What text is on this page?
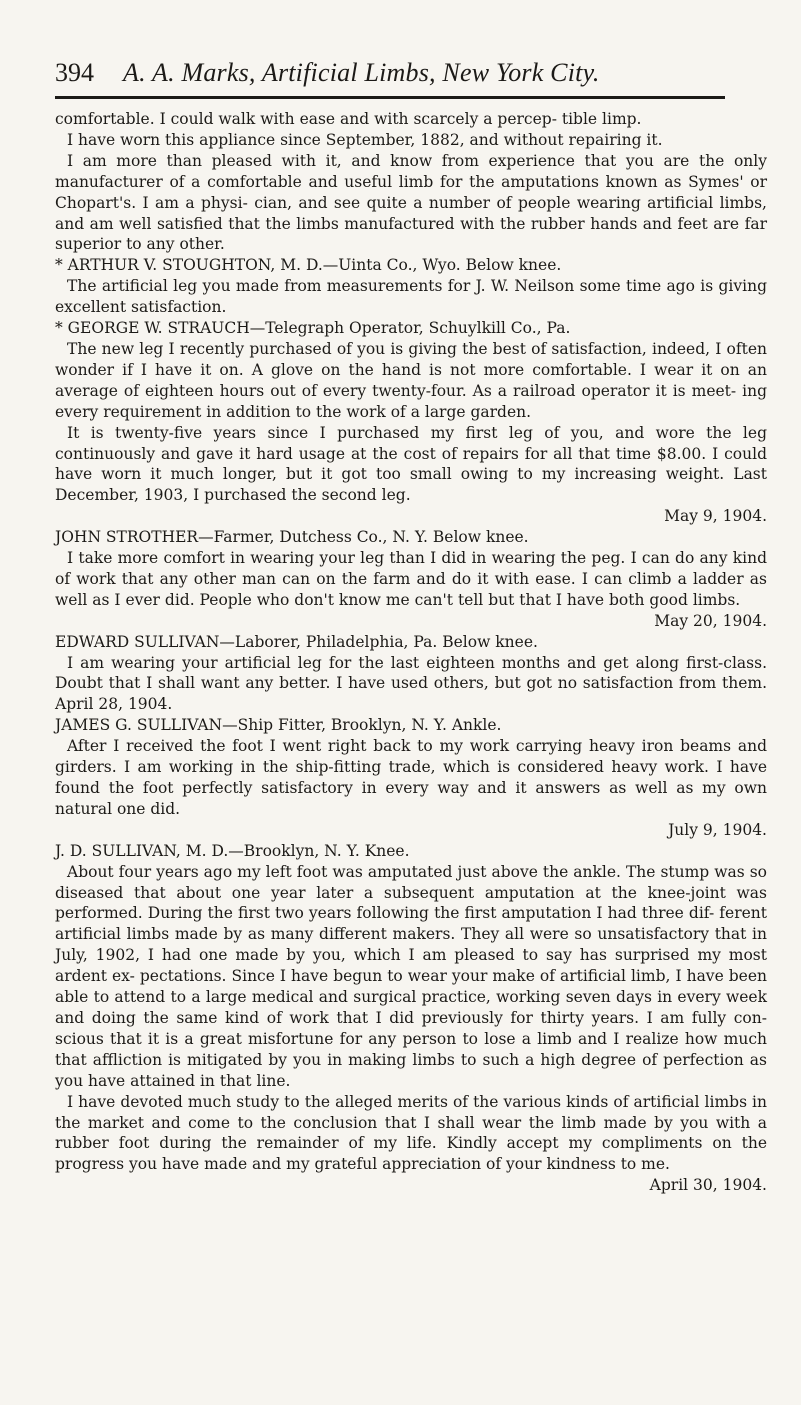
394	A. A. Marks, Artificial Limbs, New York City.

comfortable. I could walk with ease and with scarcely a percep- tible limp.

I have worn this appliance since September, 1882, and without repairing it.

I am more than pleased with it, and know from experience that you are the only manufacturer of a comfortable and useful limb for the amputations known as Symes' or Chopart's. I am a physi- cian, and see quite a number of people wearing artificial limbs, and am well satisfied that the limbs manufactured with the rubber hands and feet are far superior to any other.

* ARTHUR V. STOUGHTON, M. D.—Uinta Co., Wyo. Below knee.

The artificial leg you made from measurements for J. W. Neilson some time ago is giving excellent satisfaction.

* GEORGE W. STRAUCH—Telegraph Operator, Schuylkill Co., Pa.

The new leg I recently purchased of you is giving the best of satisfaction, indeed, I often wonder if I have it on. A glove on the hand is not more comfortable. I wear it on an average of eighteen hours out of every twenty-four. As a railroad operator it is meet- ing every requirement in addition to the work of a large garden.

It is twenty-five years since I purchased my first leg of you, and wore the leg continuously and gave it hard usage at the cost of repairs for all that time $8.00. I could have worn it much longer, but it got too small owing to my increasing weight. Last December, 1903, I purchased the second leg.

May 9, 1904.

JOHN STROTHER—Farmer, Dutchess Co., N. Y. Below knee.

I take more comfort in wearing your leg than I did in wearing the peg. I can do any kind of work that any other man can on the farm and do it with ease. I can climb a ladder as well as I ever did. People who don't know me can't tell but that I have both good limbs.

May 20, 1904.

EDWARD SULLIVAN—Laborer, Philadelphia, Pa. Below knee.

I am wearing your artificial leg for the last eighteen months and get along first-class. Doubt that I shall want any better. I have used others, but got no satisfaction from them. April 28, 1904.

JAMES G. SULLIVAN—Ship Fitter, Brooklyn, N. Y. Ankle.

After I received the foot I went right back to my work carrying heavy iron beams and girders. I am working in the ship-fitting trade, which is considered heavy work. I have found the foot perfectly satisfactory in every way and it answers as well as my own natural one did.

July 9, 1904.

J. D. SULLIVAN, M. D.—Brooklyn, N. Y. Knee.

About four years ago my left foot was amputated just above the ankle. The stump was so diseased that about one year later a subsequent amputation at the knee-joint was performed. During the first two years following the first amputation I had three dif- ferent artificial limbs made by as many different makers. They all were so unsatisfactory that in July, 1902, I had one made by you, which I am pleased to say has surprised my most ardent ex- pectations. Since I have begun to wear your make of artificial limb, I have been able to attend to a large medical and surgical practice, working seven days in every week and doing the same kind of work that I did previously for thirty years. I am fully con- scious that it is a great misfortune for any person to lose a limb and I realize how much that affliction is mitigated by you in making limbs to such a high degree of perfection as you have attained in that line.

I have devoted much study to the alleged merits of the various kinds of artificial limbs in the market and come to the conclusion that I shall wear the limb made by you with a rubber foot during the remainder of my life. Kindly accept my compliments on the progress you have made and my grateful appreciation of your kindness to me.

April 30, 1904.
